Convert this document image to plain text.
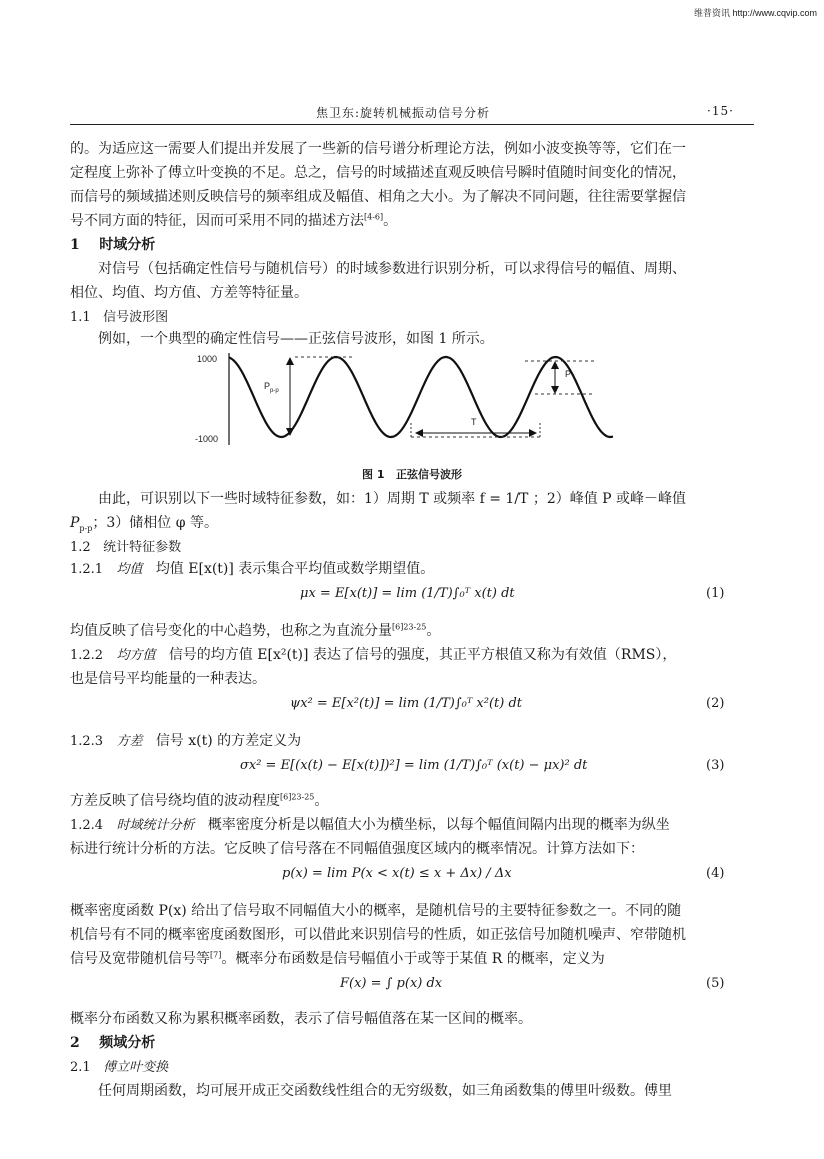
维普资讯 http://www.cqvip.com
焦卫东:旋转机械振动信号分析	·15·
的。为适应这一需要人们提出并发展了一些新的信号谱分析理论方法，例如小波变换等等，它们在一
定程度上弥补了傅立叶变换的不足。总之，信号的时域描述直观反映信号瞬时值随时间变化的情况，
而信号的频域描述则反映信号的频率组成及幅值、相角之大小。为了解决不同问题，往往需要掌握信
号不同方面的特征，因而可采用不同的描述方法[4-6]。
1 时域分析
对信号（包括确定性信号与随机信号）的时域参数进行识别分析，可以求得信号的幅值、周期、
相位、均值、均方值、方差等特征量。
1.1 信号波形图
例如，一个典型的确定性信号——正弦信号波形，如图 1 所示。
1000
-1000
$P_{p-p}$
P
T
图 1 正弦信号波形
由此，可识别以下一些时域特征参数，如：1）周期 T 或频率 f = 1/T ；2）峰值 P 或峰－峰值
$P_{p-p}$；3）储相位 φ 等。
1.2 统计特征参数
1.2.1 均值 均值 E[x(t)] 表示集合平均值或数学期望值。
μx = E[x(t)] = lim (1/T)∫₀ᵀ x(t) dt	(1)
均值反映了信号变化的中心趋势，也称之为直流分量$^{[6]23-25}$。
1.2.2 均方值 信号的均方值 E[x²(t)] 表达了信号的强度，其正平方根值又称为有效值（RMS），
也是信号平均能量的一种表达。
ψx² = E[x²(t)] = lim (1/T)∫₀ᵀ x²(t) dt	(2)
1.2.3 方差 信号 x(t) 的方差定义为
σx² = E[(x(t) − E[x(t)])²] = lim (1/T)∫₀ᵀ (x(t) − μx)² dt	(3)
方差反映了信号绕均值的波动程度$^{[6]23-25}$。
1.2.4 时域统计分析 概率密度分析是以幅值大小为横坐标，以每个幅值间隔内出现的概率为纵坐
标进行统计分析的方法。它反映了信号落在不同幅值强度区域内的概率情况。计算方法如下：
p(x) = lim P(x < x(t) ≤ x + Δx) / Δx	(4)
概率密度函数 P(x) 给出了信号取不同幅值大小的概率，是随机信号的主要特征参数之一。不同的随
机信号有不同的概率密度函数图形，可以借此来识别信号的性质，如正弦信号加随机噪声、窄带随机
信号及宽带随机信号等[7]。概率分布函数是信号幅值小于或等于某值 R 的概率，定义为
F(x) = ∫ p(x) dx	(5)
概率分布函数又称为累积概率函数，表示了信号幅值落在某一区间的概率。
2 频域分析
2.1 傅立叶变换
任何周期函数，均可展开成正交函数线性组合的无穷级数，如三角函数集的傅里叶级数。傅里
